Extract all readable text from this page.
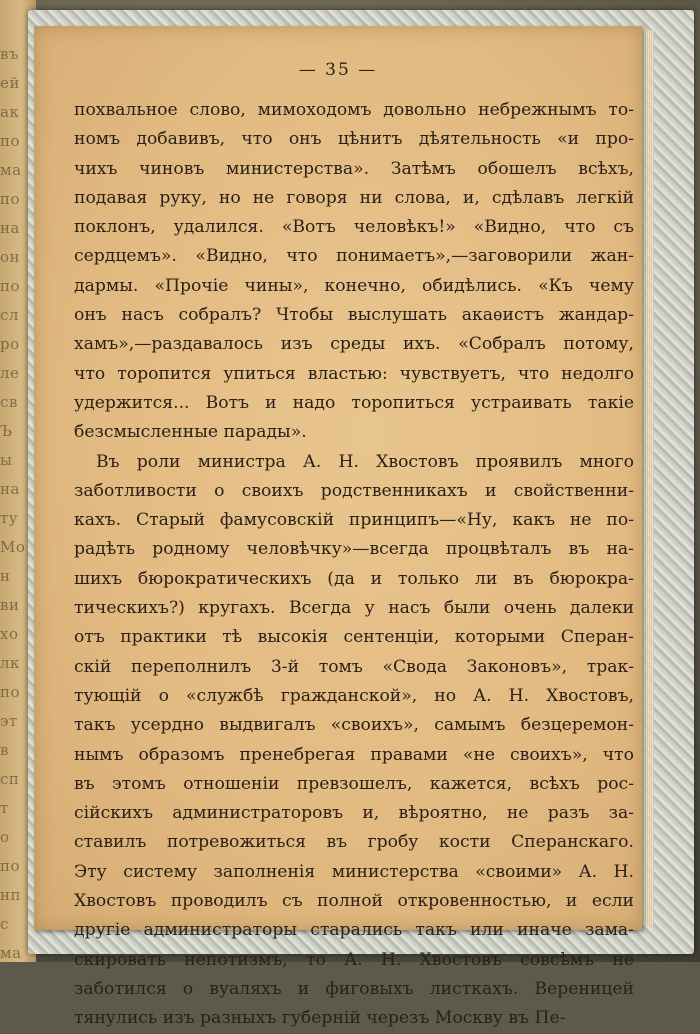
въ
ей
ак
по
ма
по
на
он
по
сл
ро
ле
св
Ъ
ы
на
ту
Мо
н
ви
хо
лк
по
эт
в
сп
т
о
по
нп
с
ма
— 35 —
похвальное слово, мимоходомъ довольно небрежнымъ то-
номъ добавивъ, что онъ цѣнитъ дѣятельность «и про-
чихъ чиновъ министерства». Затѣмъ обошелъ всѣхъ,
подавая руку, но не говоря ни слова, и, сдѣлавъ легкій
поклонъ, удалился. «Вотъ человѣкъ!» «Видно, что съ
сердцемъ». «Видно, что понимаетъ»,—заговорили жан-
дармы. «Прочіе чины», конечно, обидѣлись. «Къ чему
онъ насъ собралъ? Чтобы выслушать акаѳистъ жандар-
хамъ»,—раздавалось изъ среды ихъ. «Собралъ потому,
что торопится упиться властью: чувствуетъ, что недолго
удержится... Вотъ и надо торопиться устраивать такіе
безсмысленные парады».
Въ роли министра А. Н. Хвостовъ проявилъ много
заботливости о своихъ родственникахъ и свойственни-
кахъ. Старый фамусовскій принципъ—«Ну, какъ не по-
радѣть родному человѣчку»—всегда процвѣталъ въ на-
шихъ бюрократическихъ (да и только ли въ бюрокра-
тическихъ?) кругахъ. Всегда у насъ были очень далеки
отъ практики тѣ высокія сентенціи, которыми Сперан-
скій переполнилъ 3-й томъ «Свода Законовъ», трак-
тующій о «службѣ гражданской», но А. Н. Хвостовъ,
такъ усердно выдвигалъ «своихъ», самымъ безцеремон-
нымъ образомъ пренебрегая правами «не своихъ», что
въ этомъ отношеніи превзошелъ, кажется, всѣхъ рос-
сійскихъ администраторовъ и, вѣроятно, не разъ за-
ставилъ потревожиться въ гробу кости Сперанскаго.
Эту систему заполненія министерства «своими» А. Н.
Хвостовъ проводилъ съ полной откровенностью, и если
другіе администраторы старались такъ или иначе зама-
скировать непотизмъ, то А. Н. Хвостовъ совсѣмъ не
заботился о вуаляхъ и фиговыхъ листкахъ. Вереницей
тянулись изъ разныхъ губерній черезъ Москву въ Пе-
